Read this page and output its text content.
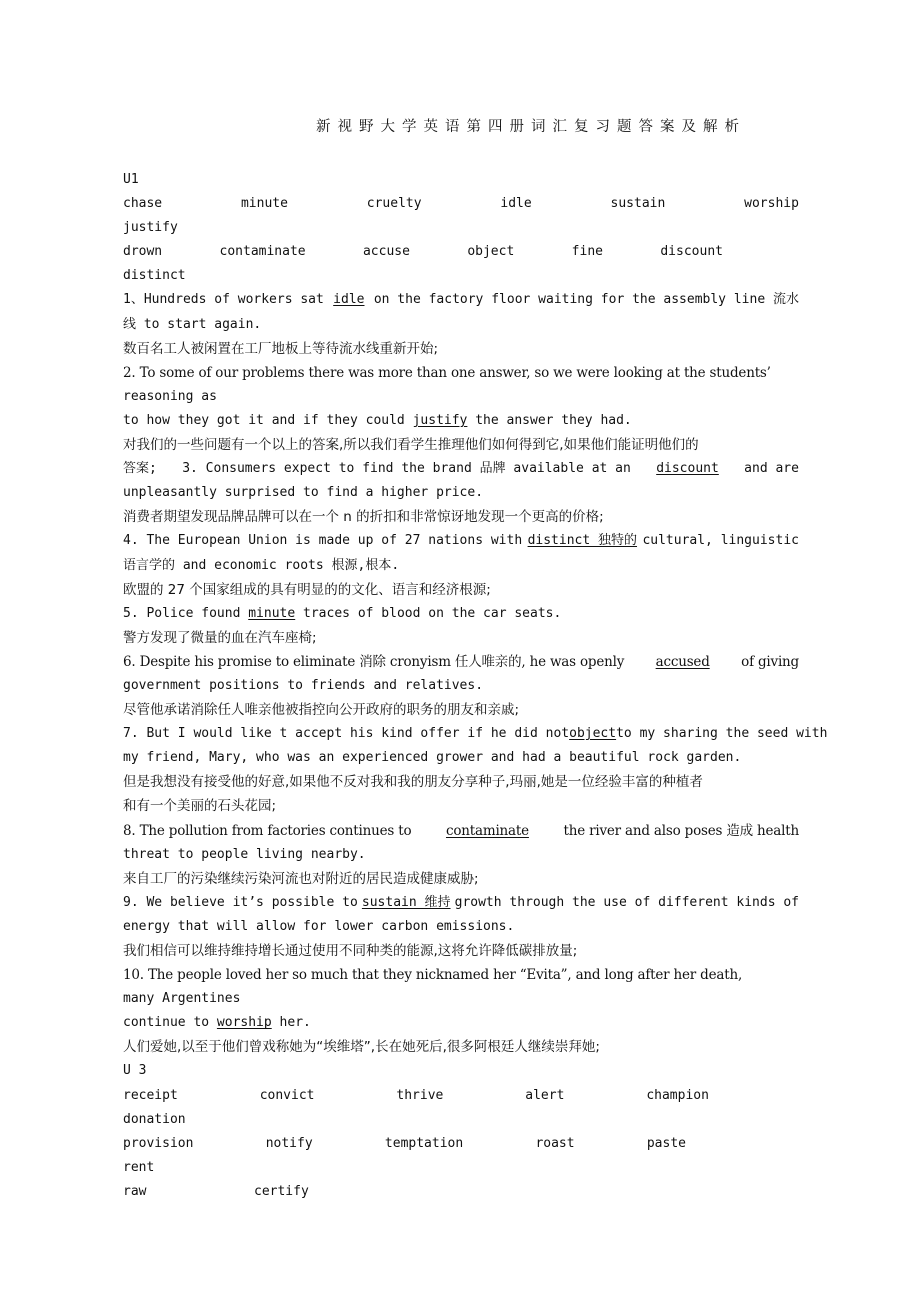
新视野大学英语第四册词汇复习题答案及解析
U1
chase	minute	cruelty	idle	sustain	worship
justify
drown	contaminate	accuse	object	fine	discount
distinct
1、Hundreds of workers sat idle on the factory floor waiting for the assembly line 流水
线 to start again.
数百名工人被闲置在工厂地板上等待流水线重新开始;
2. To some of our problems there was more than one answer, so we were looking at the students’
reasoning as
to how they got it and if they could
justify
the answer they had.
对我们的一些问题有一个以上的答案,所以我们看学生推理他们如何得到它,如果他们能证明他们的
答案; 3. Consumers expect to find the brand 品牌 available at an discount and are
unpleasantly surprised to find a higher price.
消费者期望发现品牌品牌可以在一个 n 的折扣和非常惊讶地发现一个更高的价格;
4. The European Union is made up of 27 nations with distinct 独特的 cultural, linguistic
语言学的 and economic roots 根源,根本.
欧盟的 27 个国家组成的具有明显的的文化、语言和经济根源;
5. Police found
minute
traces of blood on the car seats.
警方发现了微量的血在汽车座椅;
6. Despite his promise to eliminate 消除 cronyism 任人唯亲的, he was openly accused of giving
government positions to friends and relatives.
尽管他承诺消除任人唯亲他被指控向公开政府的职务的朋友和亲戚;
7. But I would like t accept his kind offer if he did not object to my sharing the seed with
my friend, Mary, who was an experienced grower and had a beautiful rock garden.
但是我想没有接受他的好意,如果他不反对我和我的朋友分享种子,玛丽,她是一位经验丰富的种植者
和有一个美丽的石头花园;
8. The pollution from factories continues to	contaminate	the river and also poses 造成 health
threat to people living nearby.
来自工厂的污染继续污染河流也对附近的居民造成健康威胁;
9. We believe it’s possible to sustain 维持 growth through the use of different kinds of
energy that will allow for lower carbon emissions.
我们相信可以维持维持增长通过使用不同种类的能源,这将允许降低碳排放量;
10. The people loved her so much that they nicknamed her “Evita”, and long after her death,
many Argentines
continue to
worship
her.
人们爱她,以至于他们曾戏称她为“埃维塔”,长在她死后,很多阿根廷人继续崇拜她;
U 3
receipt	convict	thrive	alert	champion
donation
provision	notify	temptation	roast	paste
rent
raw	certify
